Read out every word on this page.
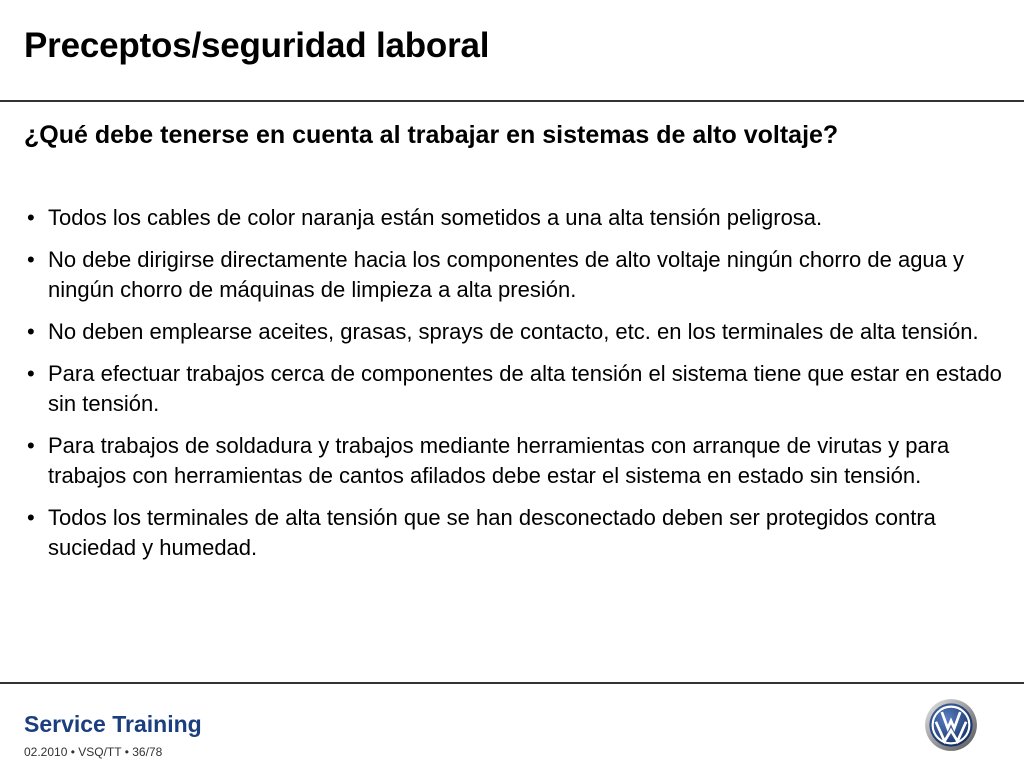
Preceptos/seguridad laboral
¿Qué debe tenerse en cuenta al trabajar en sistemas de alto voltaje?
• Todos los cables de color naranja están sometidos a una alta tensión peligrosa.
• No debe dirigirse directamente hacia los componentes de alto voltaje ningún chorro de agua y ningún chorro de máquinas de limpieza a alta presión.
• No deben emplearse aceites, grasas, sprays de contacto, etc. en los terminales de alta tensión.
• Para efectuar trabajos cerca de componentes de alta tensión el sistema tiene que estar en estado sin tensión.
• Para trabajos de soldadura y trabajos mediante herramientas con arranque de virutas y para trabajos con herramientas de cantos afilados debe estar el sistema en estado sin tensión.
• Todos los terminales de alta tensión que se han desconectado deben ser protegidos contra suciedad y humedad.
Service Training
02.2010 • VSQ/TT • 36/78
